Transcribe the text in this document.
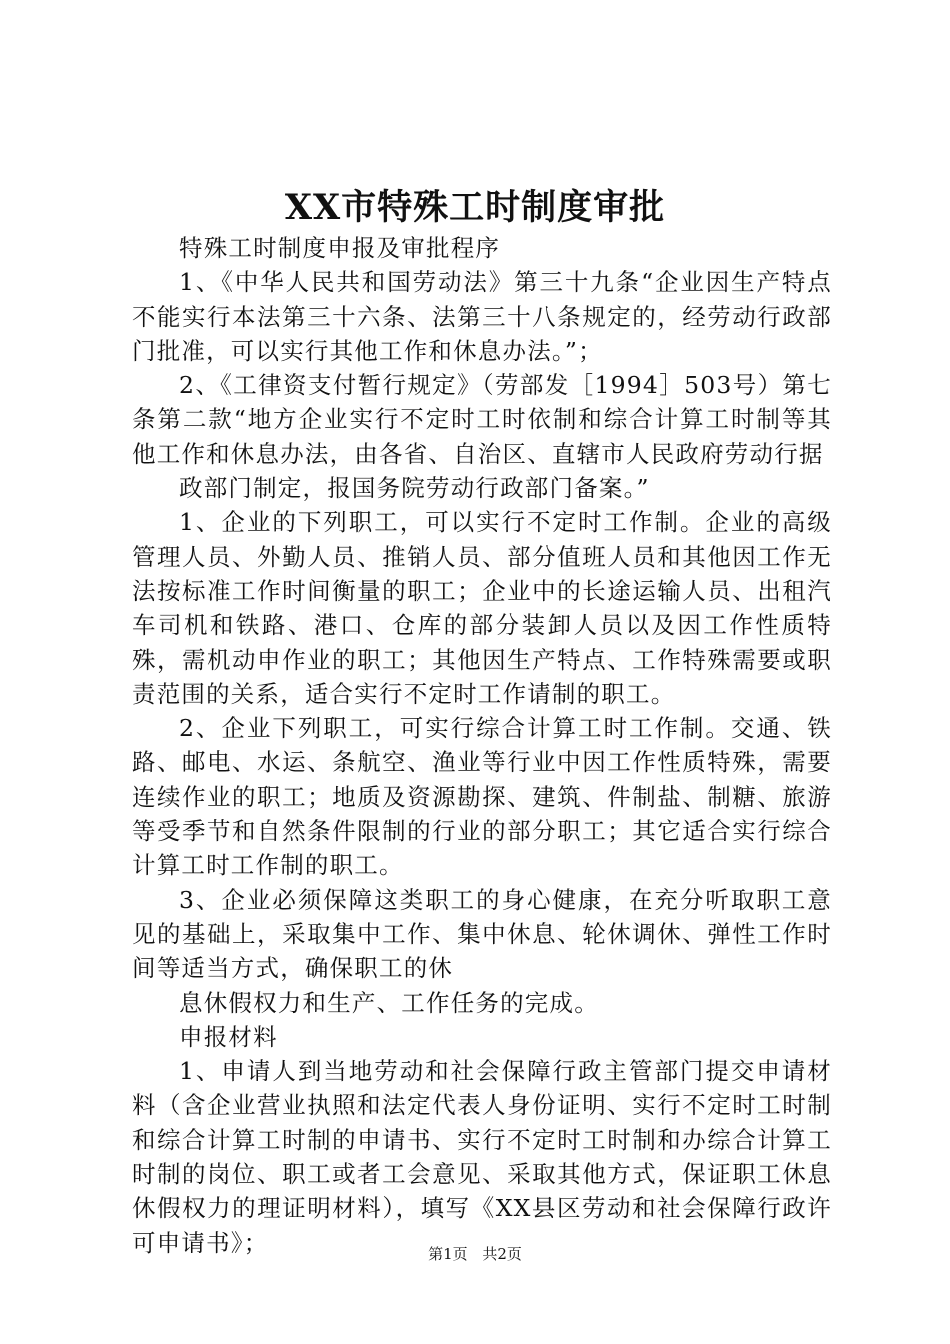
XX市特殊工时制度审批

特殊工时制度申报及审批程序

1、《中华人民共和国劳动法》第三十九条“企业因生产特点不能实行本法第三十六条、法第三十八条规定的，经劳动行政部门批准，可以实行其他工作和休息办法。”；

2、《工律资支付暂行规定》（劳部发［1994］503号）第七条第二款“地方企业实行不定时工时依制和综合计算工时制等其他工作和休息办法，由各省、自治区、直辖市人民政府劳动行据

政部门制定，报国务院劳动行政部门备案。”

1、企业的下列职工，可以实行不定时工作制。企业的高级管理人员、外勤人员、推销人员、部分值班人员和其他因工作无法按标准工作时间衡量的职工；企业中的长途运输人员、出租汽车司机和铁路、港口、仓库的部分装卸人员以及因工作性质特殊，需机动申作业的职工；其他因生产特点、工作特殊需要或职责范围的关系，适合实行不定时工作请制的职工。

2、企业下列职工，可实行综合计算工时工作制。交通、铁路、邮电、水运、条航空、渔业等行业中因工作性质特殊，需要连续作业的职工；地质及资源勘探、建筑、件制盐、制糖、旅游等受季节和自然条件限制的行业的部分职工；其它适合实行综合计算工时工作制的职工。

3、企业必须保障这类职工的身心健康，在充分听取职工意见的基础上，采取集中工作、集中休息、轮休调休、弹性工作时间等适当方式，确保职工的休

息休假权力和生产、工作任务的完成。

申报材料

1、申请人到当地劳动和社会保障行政主管部门提交申请材料（含企业营业执照和法定代表人身份证明、实行不定时工时制和综合计算工时制的申请书、实行不定时工时制和办综合计算工时制的岗位、职工或者工会意见、采取其他方式，保证职工休息休假权力的理证明材料），填写《XX县区劳动和社会保障行政许可申请书》；	第1页 共2页
